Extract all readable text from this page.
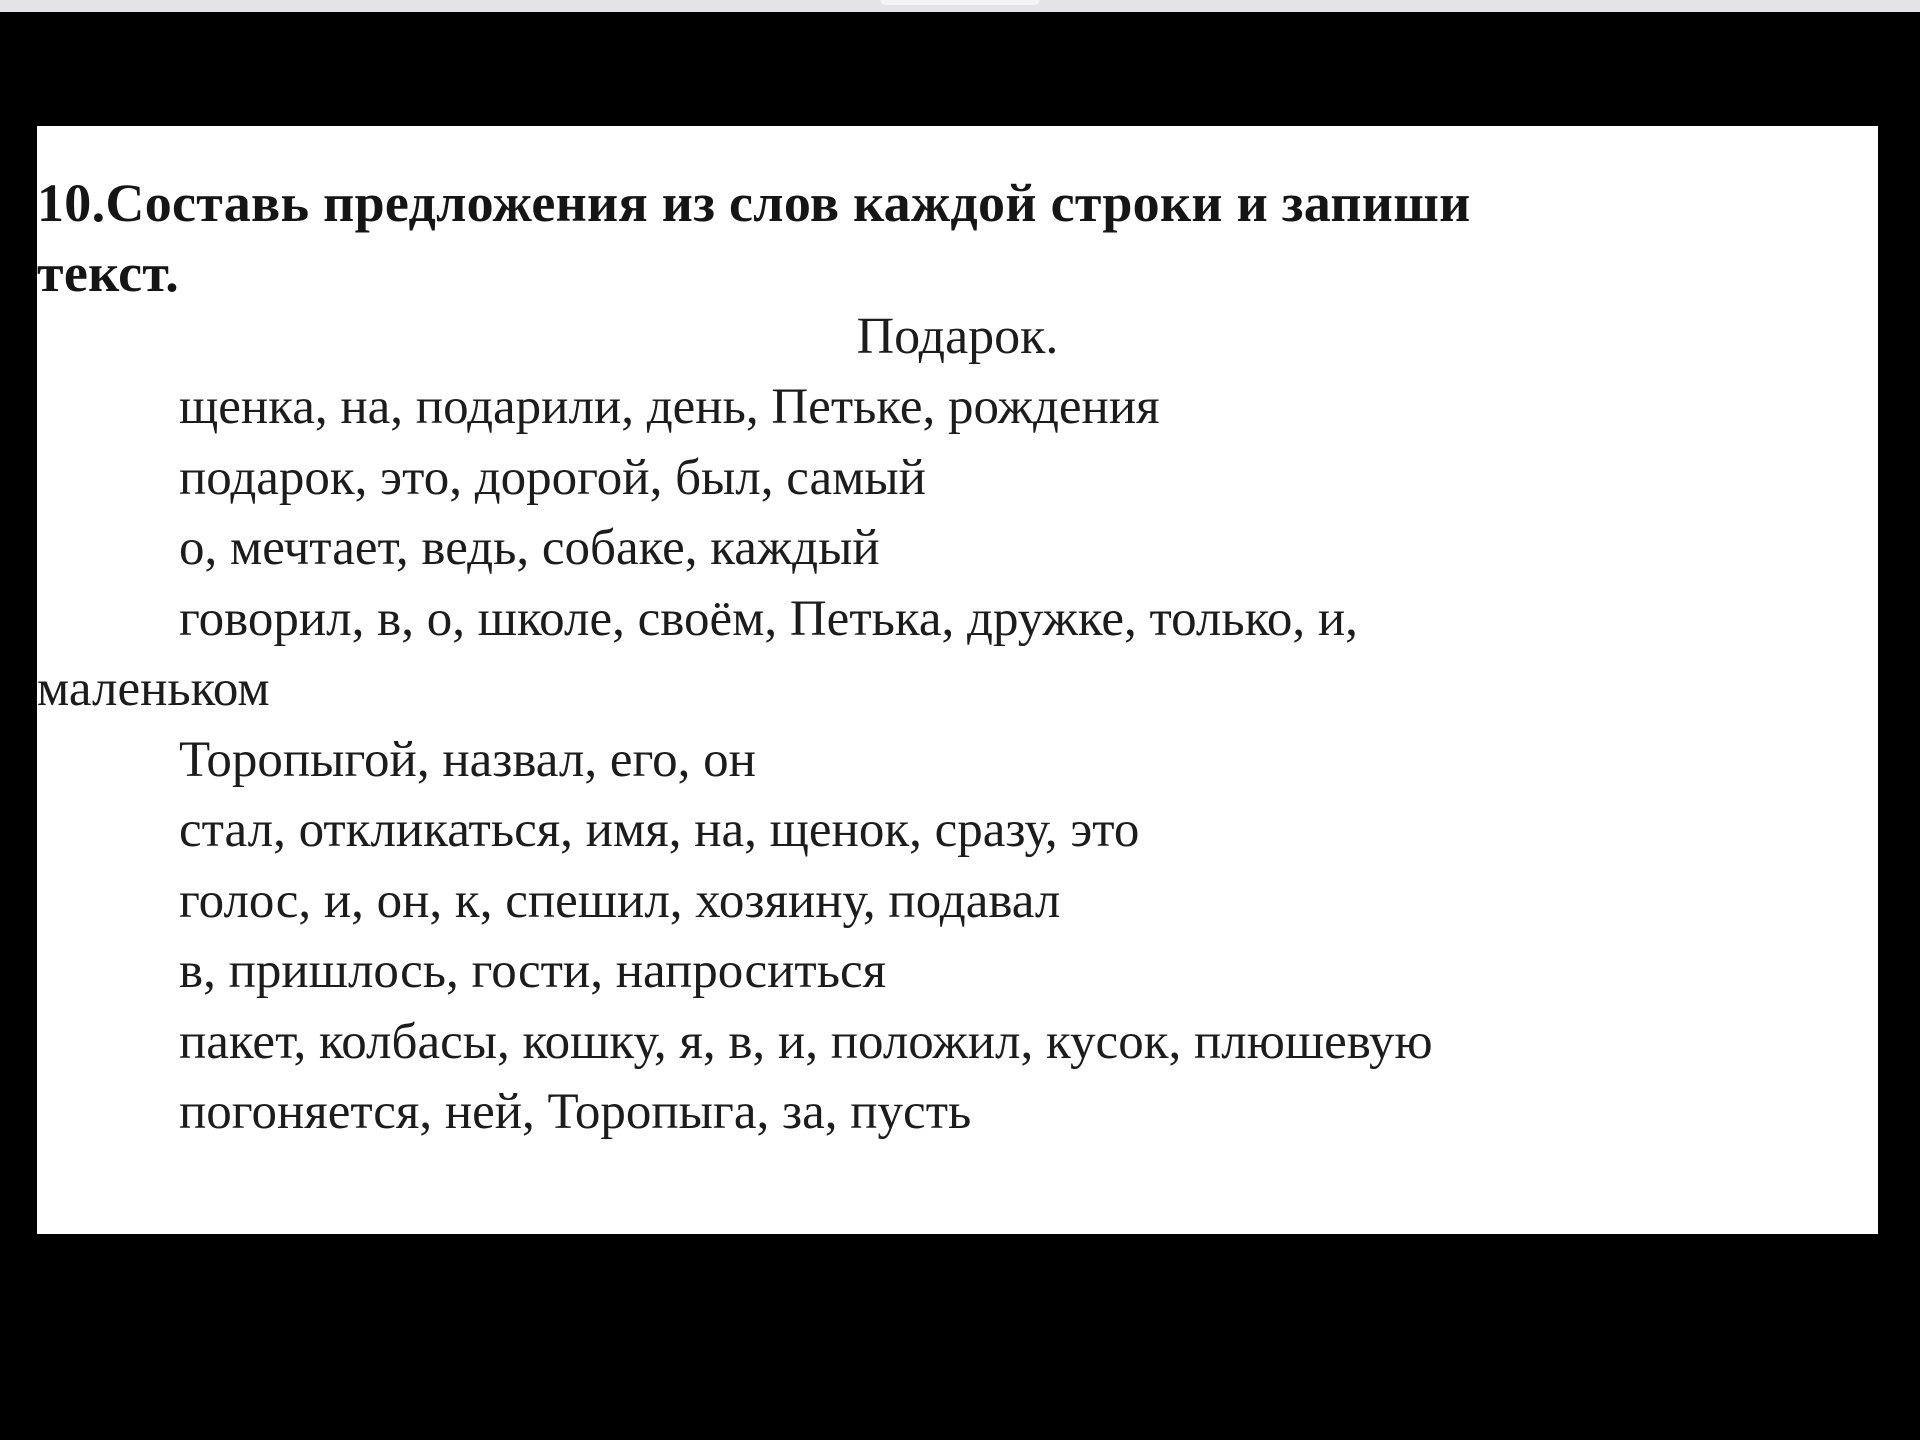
10.Составь предложения из слов каждой строки и запиши
текст.
Подарок.
щенка, на, подарили, день, Петьке, рождения
подарок, это, дорогой, был, самый
о, мечтает, ведь, собаке, каждый
говорил, в, о, школе, своём, Петька, дружке, только, и,
маленьком
Торопыгой, назвал, его, он
стал, откликаться, имя, на, щенок, сразу, это
голос, и, он, к, спешил, хозяину, подавал
в, пришлось, гости, напроситься
пакет, колбасы, кошку, я, в, и, положил, кусок, плюшевую
погоняется, ней, Торопыга, за, пусть
